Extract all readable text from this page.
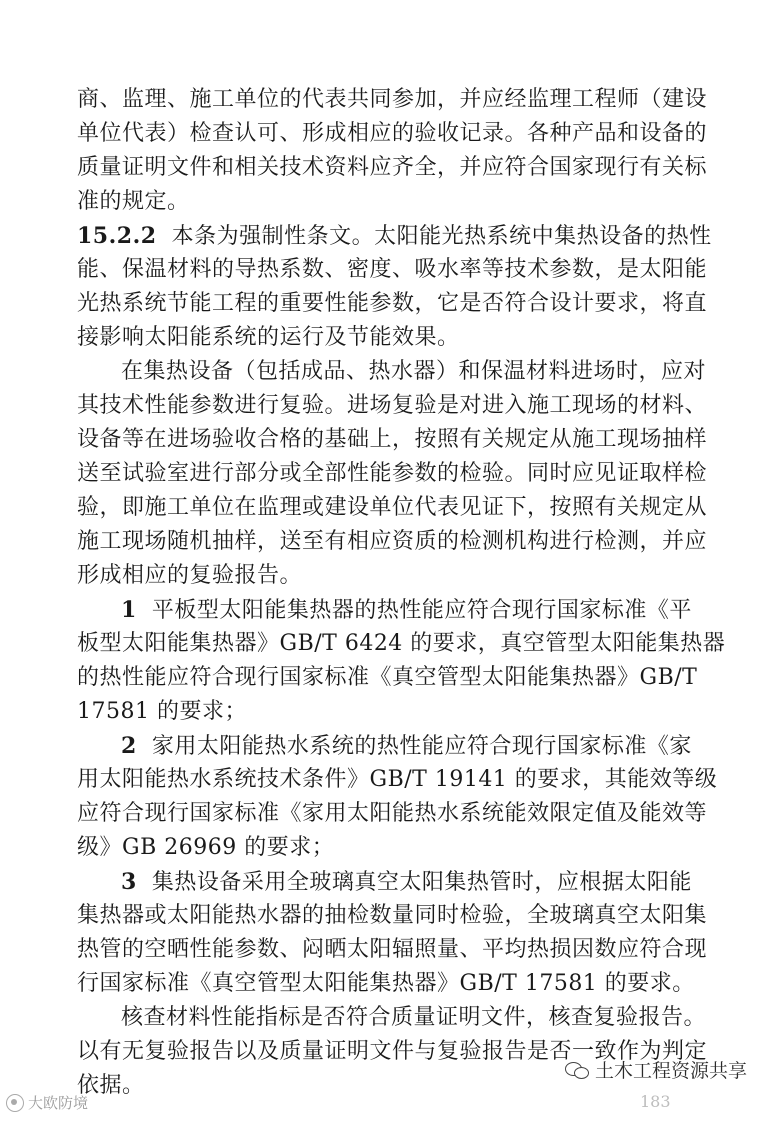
商、监理、施工单位的代表共同参加，并应经监理工程师（建设
单位代表）检查认可、形成相应的验收记录。各种产品和设备的
质量证明文件和相关技术资料应齐全，并应符合国家现行有关标
准的规定。
15.2.2 本条为强制性条文。太阳能光热系统中集热设备的热性
能、保温材料的导热系数、密度、吸水率等技术参数，是太阳能
光热系统节能工程的重要性能参数，它是否符合设计要求，将直
接影响太阳能系统的运行及节能效果。
在集热设备（包括成品、热水器）和保温材料进场时，应对
其技术性能参数进行复验。进场复验是对进入施工现场的材料、
设备等在进场验收合格的基础上，按照有关规定从施工现场抽样
送至试验室进行部分或全部性能参数的检验。同时应见证取样检
验，即施工单位在监理或建设单位代表见证下，按照有关规定从
施工现场随机抽样，送至有相应资质的检测机构进行检测，并应
形成相应的复验报告。
1 平板型太阳能集热器的热性能应符合现行国家标准《平
板型太阳能集热器》GB/T 6424 的要求，真空管型太阳能集热器
的热性能应符合现行国家标准《真空管型太阳能集热器》GB/T
17581 的要求；
2 家用太阳能热水系统的热性能应符合现行国家标准《家
用太阳能热水系统技术条件》GB/T 19141 的要求，其能效等级
应符合现行国家标准《家用太阳能热水系统能效限定值及能效等
级》GB 26969 的要求；
3 集热设备采用全玻璃真空太阳集热管时，应根据太阳能
集热器或太阳能热水器的抽检数量同时检验，全玻璃真空太阳集
热管的空晒性能参数、闷晒太阳辐照量、平均热损因数应符合现
行国家标准《真空管型太阳能集热器》GB/T 17581 的要求。
核查材料性能指标是否符合质量证明文件，核查复验报告。
以有无复验报告以及质量证明文件与复验报告是否一致作为判定
依据。
大欧防境
土木工程资源共享
183
